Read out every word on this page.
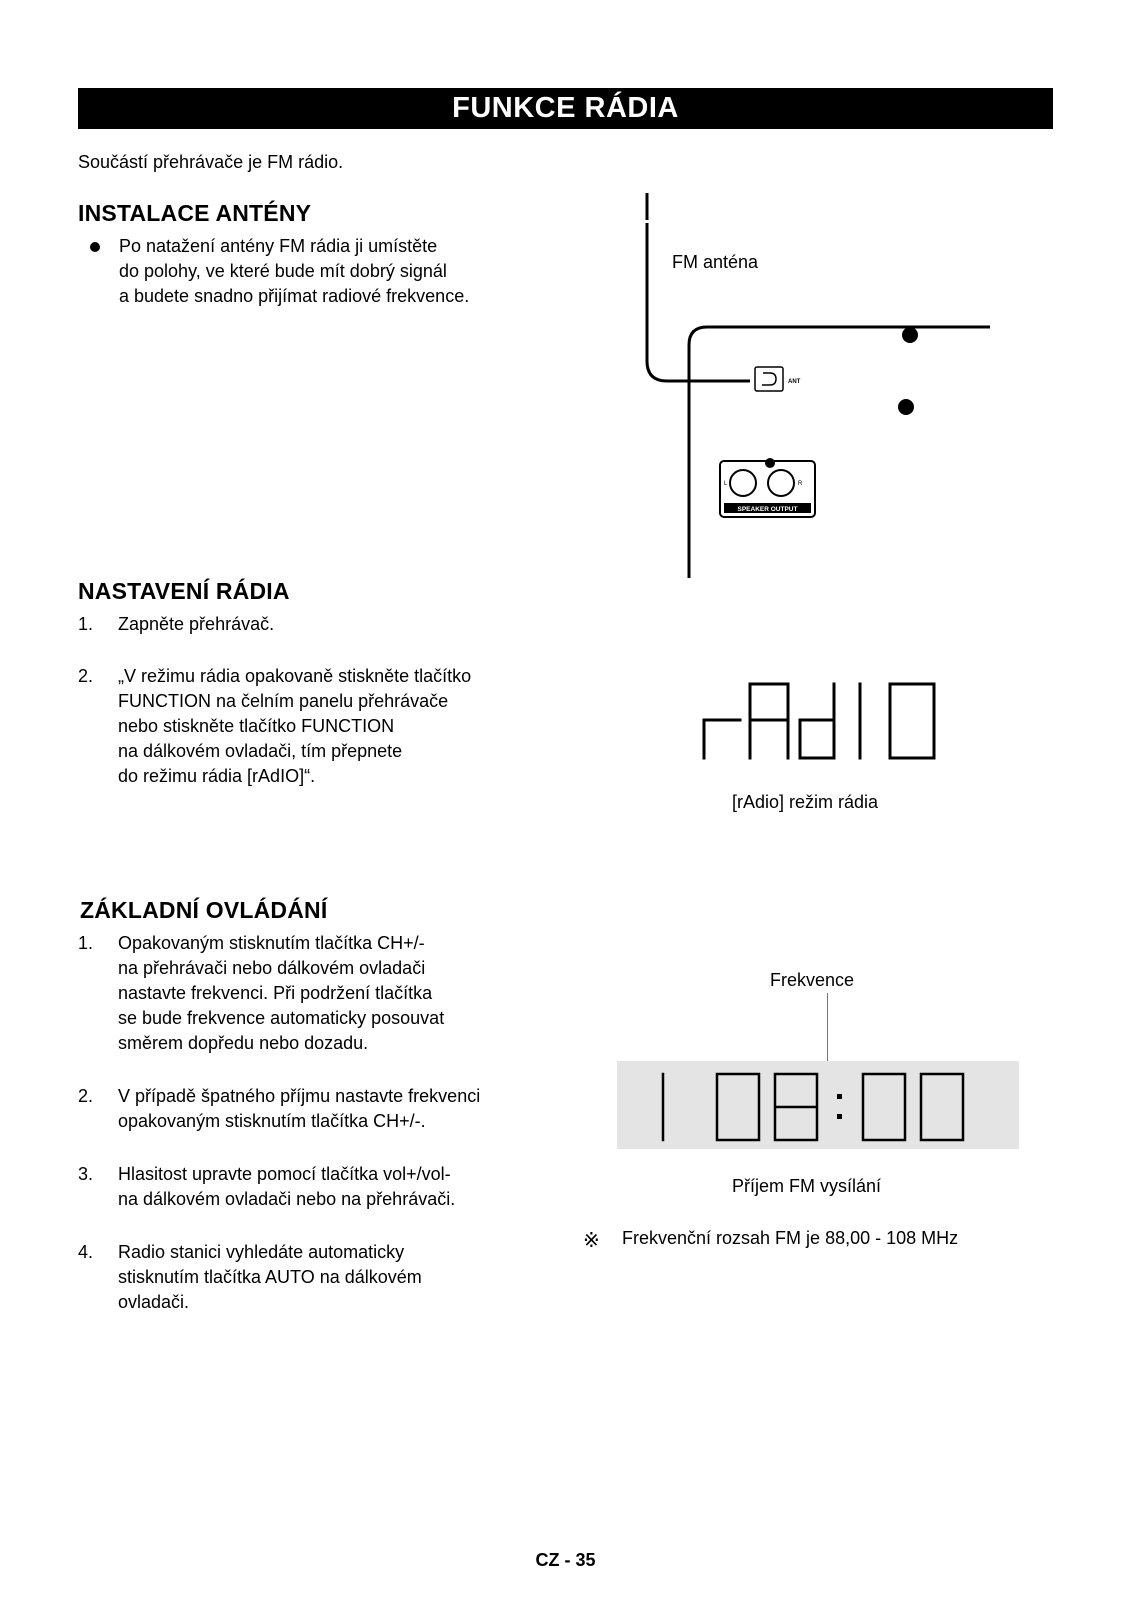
FUNKCE RÁDIA
Součástí přehrávače je FM rádio.
INSTALACE ANTÉNY
Po natažení antény FM rádia ji umístěte
do polohy, ve které bude mít dobrý signál
a budete snadno přijímat radiové frekvence.
ANT
L	R
SPEAKER OUTPUT
FM anténa
NASTAVENÍ RÁDIA
1. Zapněte přehrávač.
2. „V režimu rádia opakovaně stiskněte tlačítko
FUNCTION na čelním panelu přehrávače
nebo stiskněte tlačítko FUNCTION
na dálkovém ovladači, tím přepnete
do režimu rádia [rAdIO]“.
[rAdio] režim rádia
ZÁKLADNÍ OVLÁDÁNÍ
1. Opakovaným stisknutím tlačítka CH+/-
na přehrávači nebo dálkovém ovladači
nastavte frekvenci. Při podržení tlačítka
se bude frekvence automaticky posouvat
směrem dopředu nebo dozadu.
2. V případě špatného příjmu nastavte frekvenci
opakovaným stisknutím tlačítka CH+/-.
3. Hlasitost upravte pomocí tlačítka vol+/vol-
na dálkovém ovladači nebo na přehrávači.
4. Radio stanici vyhledáte automaticky
stisknutím tlačítka AUTO na dálkovém
ovladači.
Frekvence
Příjem FM vysílání
※ Frekvenční rozsah FM je 88,00 - 108 MHz
CZ - 35
